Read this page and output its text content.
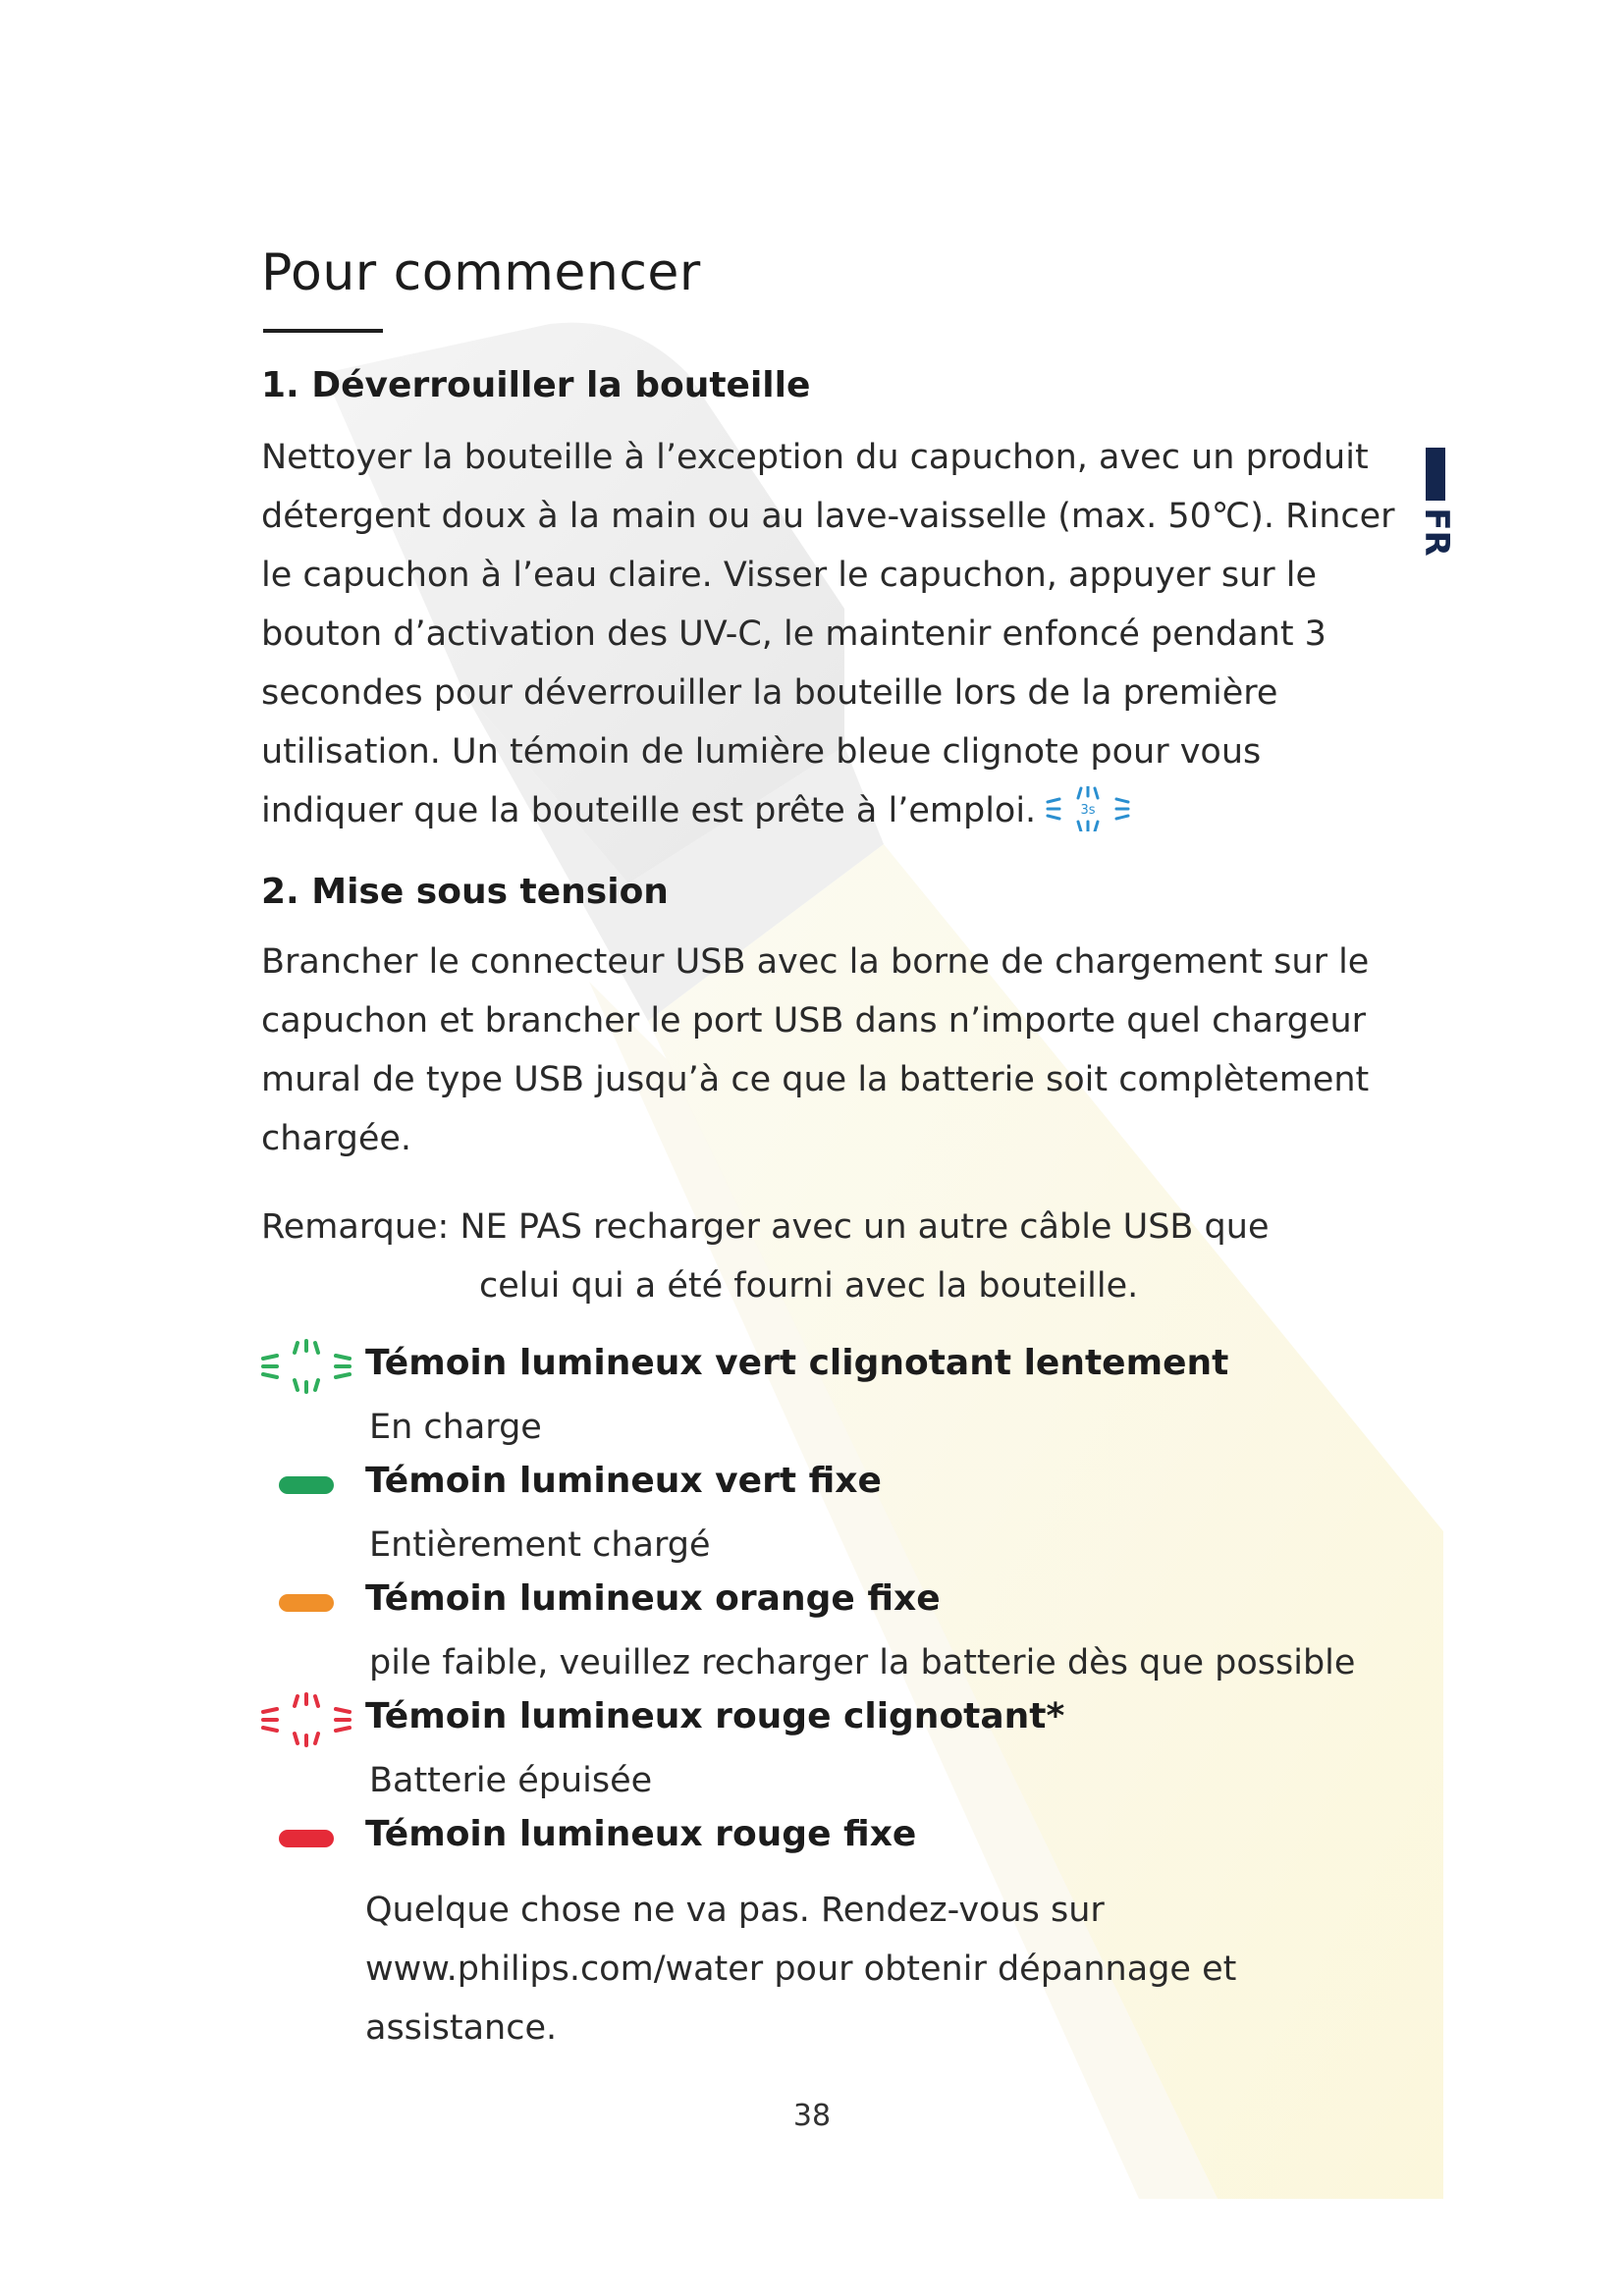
Pour commencer
FR
1. Déverrouiller la bouteille

Nettoyer la bouteille à l’exception du capuchon, avec un produit détergent doux à la main ou au lave-vaisselle (max. 50℃). Rincer le capuchon à l’eau claire. Visser le capuchon, appuyer sur le bouton d’activation des UV-C, le maintenir enfoncé pendant 3 secondes pour déverrouiller la bouteille lors de la première utilisation. Un témoin de lumière bleue clignote pour vous indiquer que la bouteille est prête à l’emploi.	3s

2. Mise sous tension

Brancher le connecteur USB avec la borne de chargement sur le capuchon et brancher le port USB dans n’importe quel chargeur mural de type USB jusqu’à ce que la batterie soit complètement chargée.

Remarque: NE PAS recharger avec un autre câble USB que
celui qui a été fourni avec la bouteille.
Témoin lumineux vert clignotant lentement
En charge
Témoin lumineux vert fixe
Entièrement chargé
Témoin lumineux orange fixe
pile faible, veuillez recharger la batterie dès que possible
Témoin lumineux rouge clignotant*
Batterie épuisée
Témoin lumineux rouge fixe

Quelque chose ne va pas. Rendez-vous sur www.philips.com/water pour obtenir dépannage et assistance.

38
